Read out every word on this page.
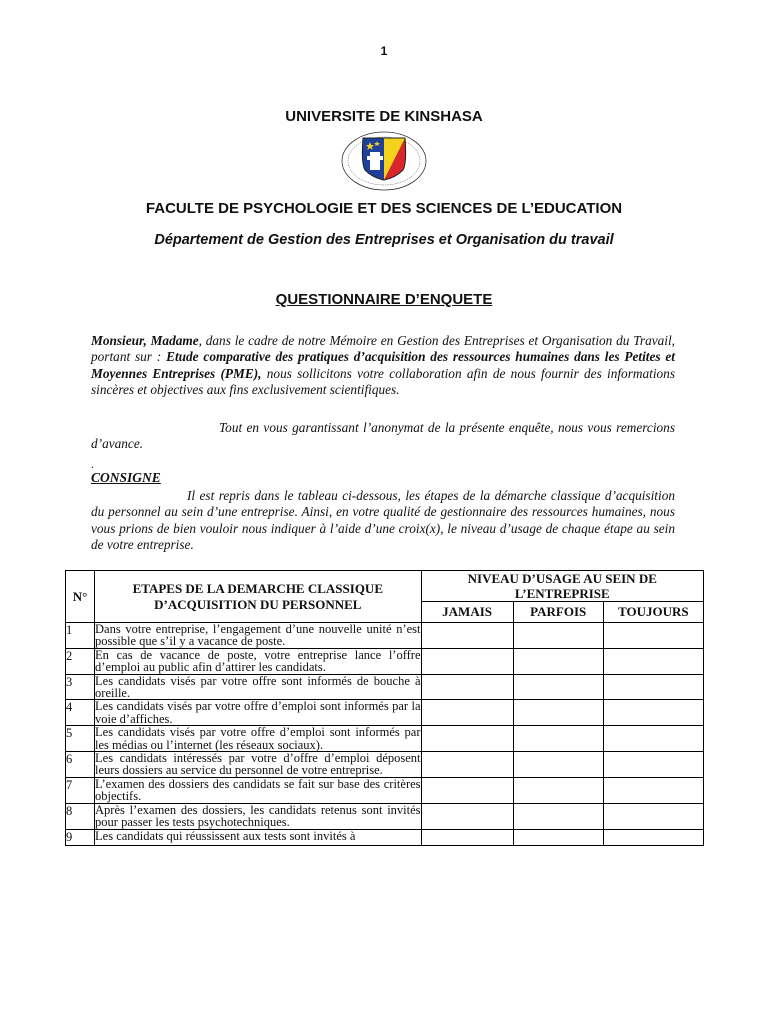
1
UNIVERSITE DE KINSHASA
FACULTE DE PSYCHOLOGIE ET DES SCIENCES DE L’EDUCATION
Département de Gestion des Entreprises et Organisation du travail
QUESTIONNAIRE D’ENQUETE
Monsieur, Madame, dans le cadre de notre Mémoire en Gestion des Entreprises et Organisation du Travail, portant sur : Etude comparative des pratiques d’acquisition des ressources humaines dans les Petites et Moyennes Entreprises (PME), nous sollicitons votre collaboration afin de nous fournir des informations sincères et objectives aux fins exclusivement scientifiques.
Tout en vous garantissant l’anonymat de la présente enquête, nous vous remercions d’avance.
.
CONSIGNE
Il est repris dans le tableau ci-dessous, les étapes de la démarche classique d’acquisition du personnel au sein d’une entreprise. Ainsi, en votre qualité de gestionnaire des ressources humaines, nous vous prions de bien vouloir nous indiquer à l’aide d’une croix(x), le niveau d’usage de chaque étape au sein de votre entreprise.
N°	ETAPES DE LA DEMARCHE CLASSIQUE D’ACQUISITION DU PERSONNEL	NIVEAU D’USAGE AU SEIN DE L’ENTREPRISE		
		JAMAIS	PARFOIS	TOUJOURS
1	Dans votre entreprise, l’engagement d’une nouvelle unité n’est possible que s’il y a vacance de poste.			
2	En cas de vacance de poste, votre entreprise lance l’offre d’emploi au public afin d’attirer les candidats.			
3	Les candidats visés par votre offre sont informés de bouche à oreille.			
4	Les candidats visés par votre offre d’emploi sont informés par la voie d’affiches.			
5	Les candidats visés par votre offre d’emploi sont informés par les médias ou l’internet (les réseaux sociaux).			
6	Les candidats intéressés par votre d’offre d’emploi déposent leurs dossiers au service du personnel de votre entreprise.			
7	L’examen des dossiers des candidats se fait sur base des critères objectifs.			
8	Après l’examen des dossiers, les candidats retenus sont invités pour passer les tests psychotechniques.			
9	Les candidats qui réussissent aux tests sont invités à			
